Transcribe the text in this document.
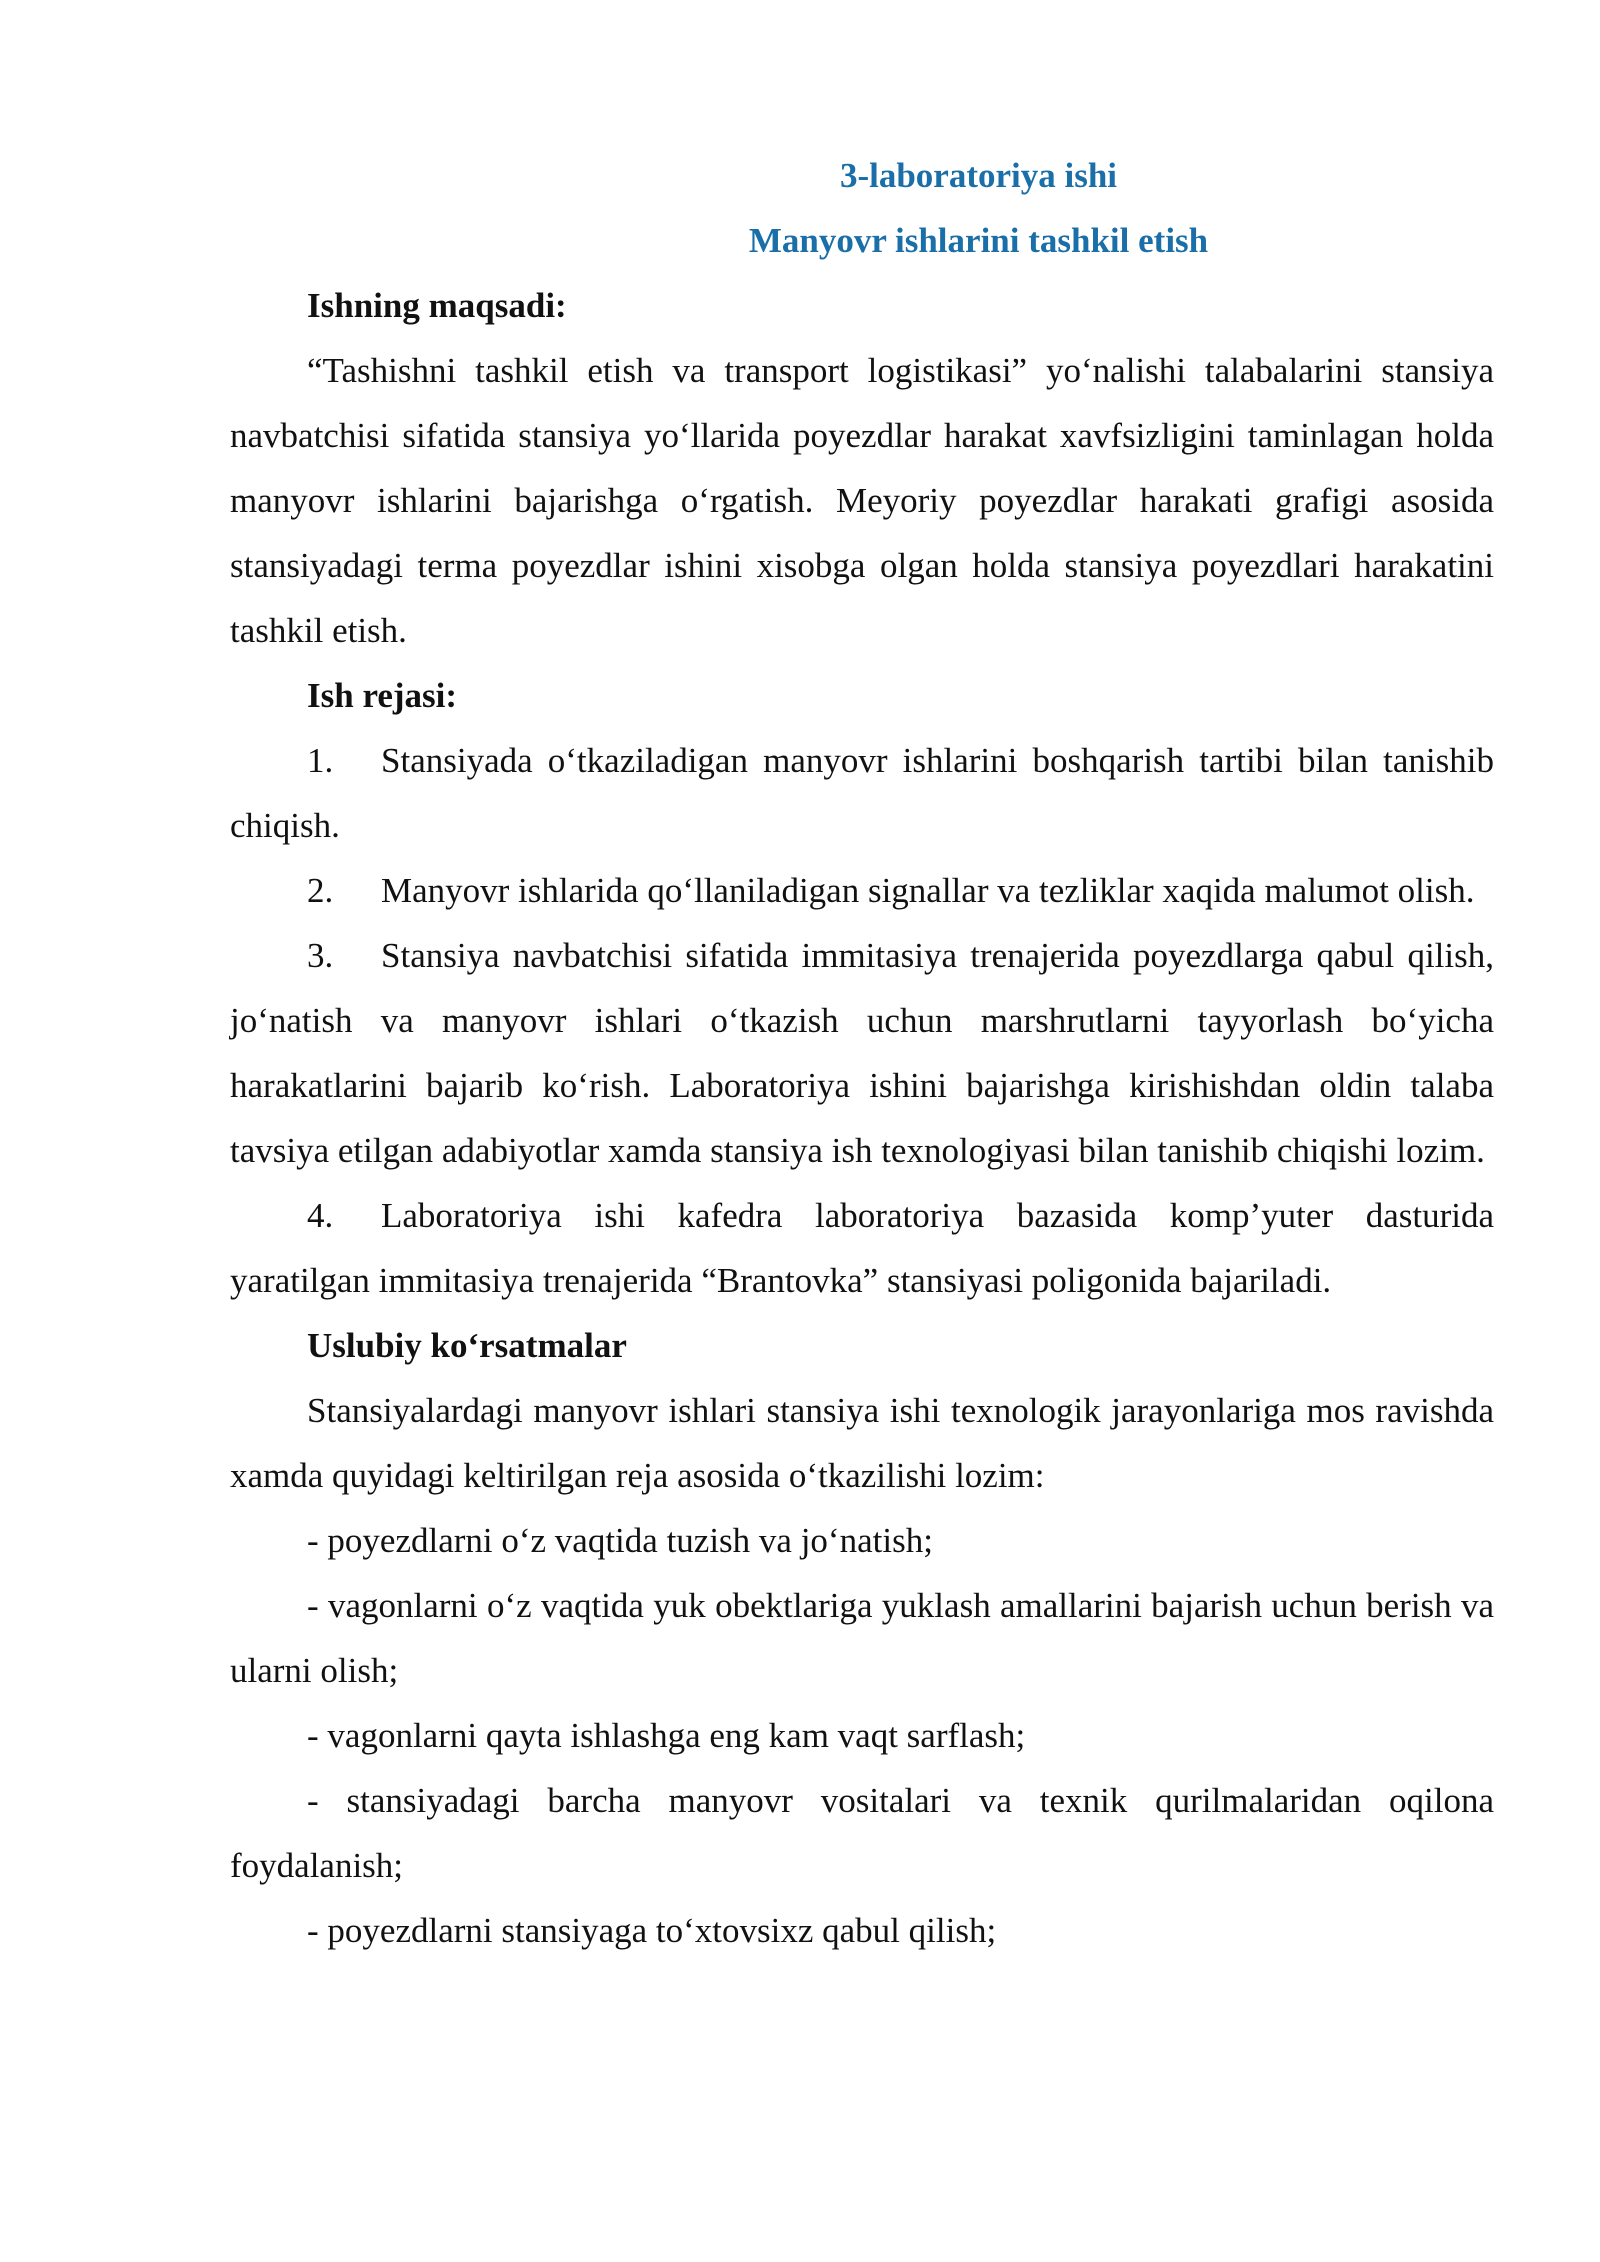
3-laboratoriya ishi

Manyovr ishlarini tashkil etish

Ishning maqsadi:

“Tashishni tashkil etish va transport logistikasi” yo‘nalishi talabalarini stansiya navbatchisi sifatida stansiya yo‘llarida poyezdlar harakat xavfsizligini taminlagan holda manyovr ishlarini bajarishga o‘rgatish. Meyoriy poyezdlar harakati grafigi asosida stansiyadagi terma poyezdlar ishini xisobga olgan holda stansiya poyezdlari harakatini tashkil etish.

Ish rejasi:

1. Stansiyada o‘tkaziladigan manyovr ishlarini boshqarish tartibi bilan tanishib chiqish.

2. Manyovr ishlarida qo‘llaniladigan signallar va tezliklar xaqida malumot olish.

3. Stansiya navbatchisi sifatida immitasiya trenajerida poyezdlarga qabul qilish, jo‘natish va manyovr ishlari o‘tkazish uchun marshrutlarni tayyorlash bo‘yicha harakatlarini bajarib ko‘rish. Laboratoriya ishini bajarishga kirishishdan oldin talaba tavsiya etilgan adabiyotlar xamda stansiya ish texnologiyasi bilan tanishib chiqishi lozim.

4. Laboratoriya ishi kafedra laboratoriya bazasida komp’yuter dasturida yaratilgan immitasiya trenajerida “Brantovka” stansiyasi poligonida bajariladi.

Uslubiy ko‘rsatmalar

Stansiyalardagi manyovr ishlari stansiya ishi texnologik jarayonlariga mos ravishda xamda quyidagi keltirilgan reja asosida o‘tkazilishi lozim:

- poyezdlarni o‘z vaqtida tuzish va jo‘natish;

- vagonlarni o‘z vaqtida yuk obektlariga yuklash amallarini bajarish uchun berish va ularni olish;

- vagonlarni qayta ishlashga eng kam vaqt sarflash;

- stansiyadagi barcha manyovr vositalari va texnik qurilmalaridan oqilona foydalanish;

- poyezdlarni stansiyaga to‘xtovsixz qabul qilish;
